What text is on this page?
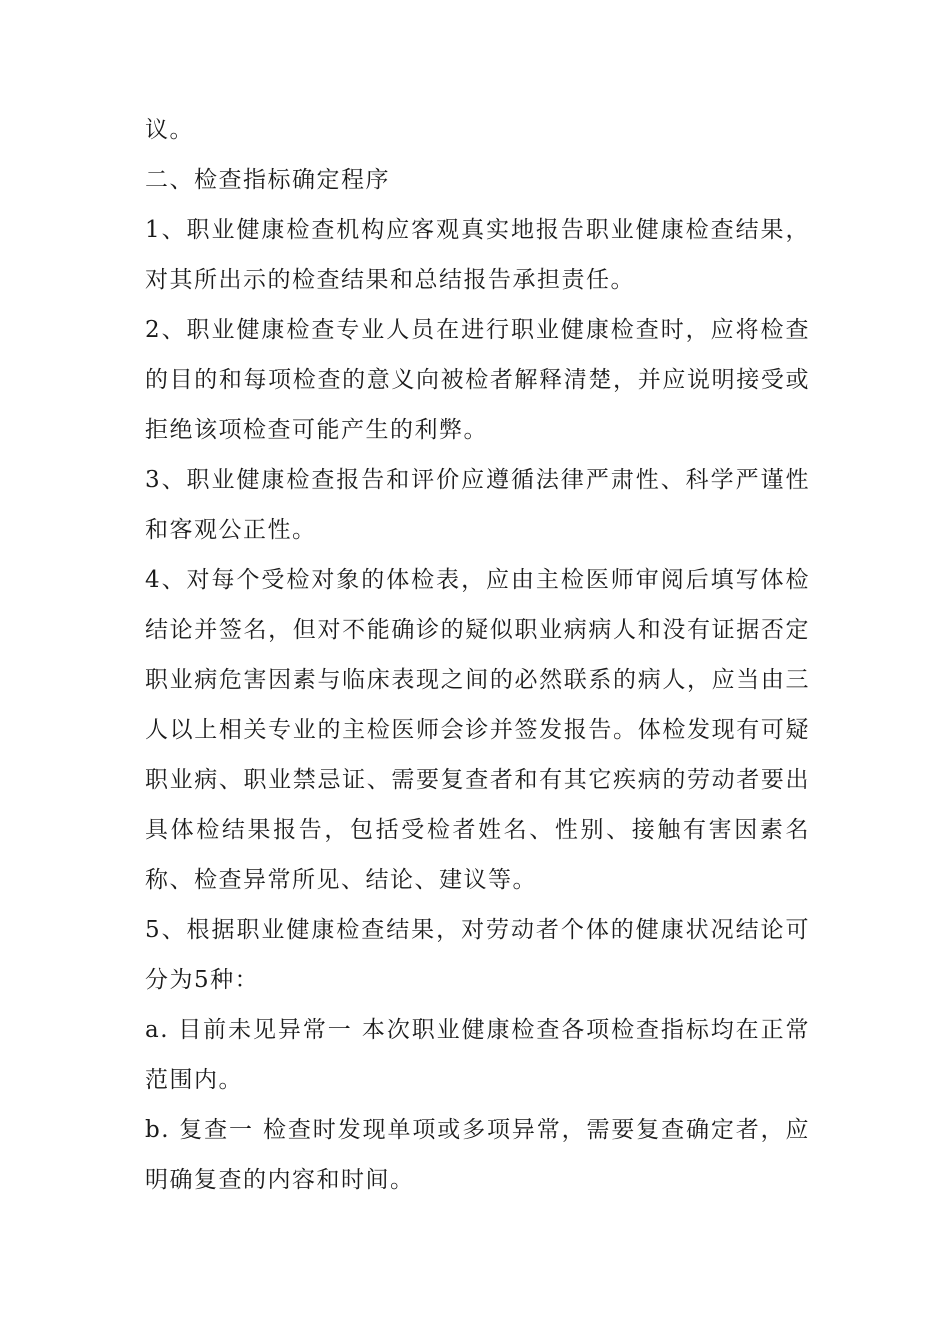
议。

二、检查指标确定程序

1、职业健康检查机构应客观真实地报告职业健康检查结果，对其所出示的检查结果和总结报告承担责任。

2、职业健康检查专业人员在进行职业健康检查时，应将检查的目的和每项检查的意义向被检者解释清楚，并应说明接受或拒绝该项检查可能产生的利弊。

3、职业健康检查报告和评价应遵循法律严肃性、科学严谨性和客观公正性。

4、对每个受检对象的体检表，应由主检医师审阅后填写体检结论并签名，但对不能确诊的疑似职业病病人和没有证据否定职业病危害因素与临床表现之间的必然联系的病人，应当由三人以上相关专业的主检医师会诊并签发报告。体检发现有可疑职业病、职业禁忌证、需要复查者和有其它疾病的劳动者要出具体检结果报告，包括受检者姓名、性别、接触有害因素名称、检查异常所见、结论、建议等。

5、根据职业健康检查结果，对劳动者个体的健康状况结论可分为5种：

a. 目前未见异常一 本次职业健康检查各项检查指标均在正常范围内。

b. 复查一 检查时发现单项或多项异常，需要复查确定者，应明确复查的内容和时间。
